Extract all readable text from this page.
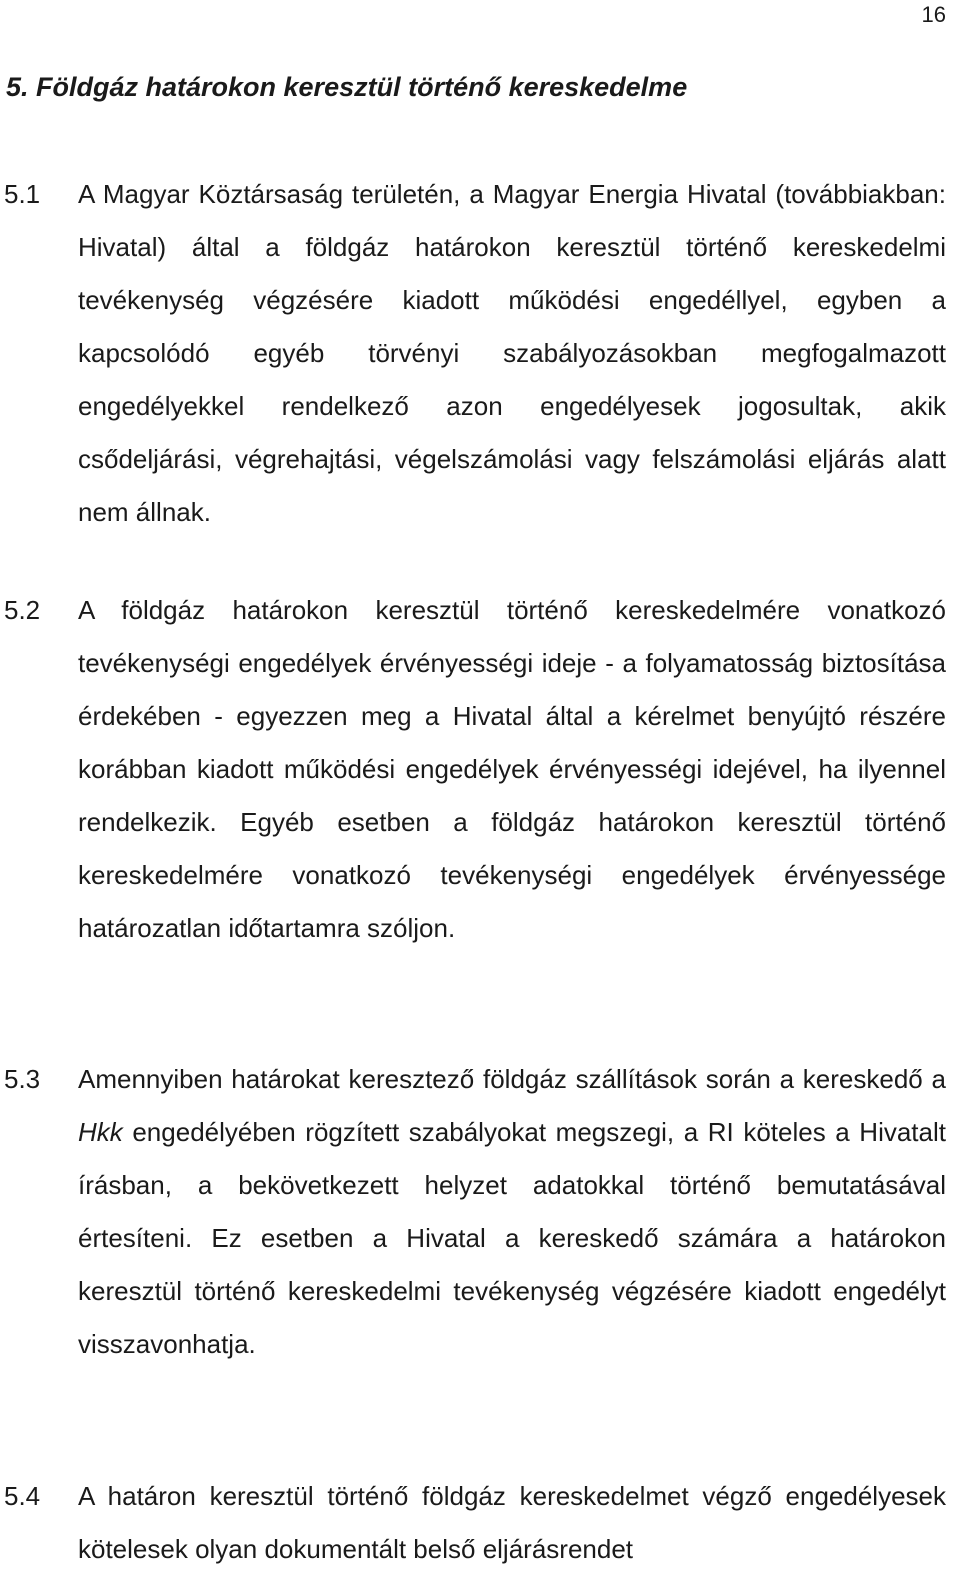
16
5. Földgáz határokon keresztül történő kereskedelme
5.1 A Magyar Köztársaság területén, a Magyar Energia Hivatal (továbbiakban: Hivatal) által a földgáz határokon keresztül történő kereskedelmi tevékenység végzésére kiadott működési engedéllyel, egyben a kapcsolódó egyéb törvényi szabályozásokban megfogalmazott engedélyekkel rendelkező azon engedélyesek jogosultak, akik csődeljárási, végrehajtási, végelszámolási vagy felszámolási eljárás alatt nem állnak.
5.2 A földgáz határokon keresztül történő kereskedelmére vonatkozó tevékenységi engedélyek érvényességi ideje - a folyamatosság biztosítása érdekében - egyezzen meg a Hivatal által a kérelmet benyújtó részére korábban kiadott működési engedélyek érvényességi idejével, ha ilyennel rendelkezik. Egyéb esetben a földgáz határokon keresztül történő kereskedelmére vonatkozó tevékenységi engedélyek érvényessége határozatlan időtartamra szóljon.
5.3 Amennyiben határokat keresztező földgáz szállítások során a kereskedő a Hkk engedélyében rögzített szabályokat megszegi, a RI köteles a Hivatalt írásban, a bekövetkezett helyzet adatokkal történő bemutatásával értesíteni. Ez esetben a Hivatal a kereskedő számára a határokon keresztül történő kereskedelmi tevékenység végzésére kiadott engedélyt visszavonhatja.
5.4 A határon keresztül történő földgáz kereskedelmet végző engedélyesek kötelesek olyan dokumentált belső eljárásrendet
